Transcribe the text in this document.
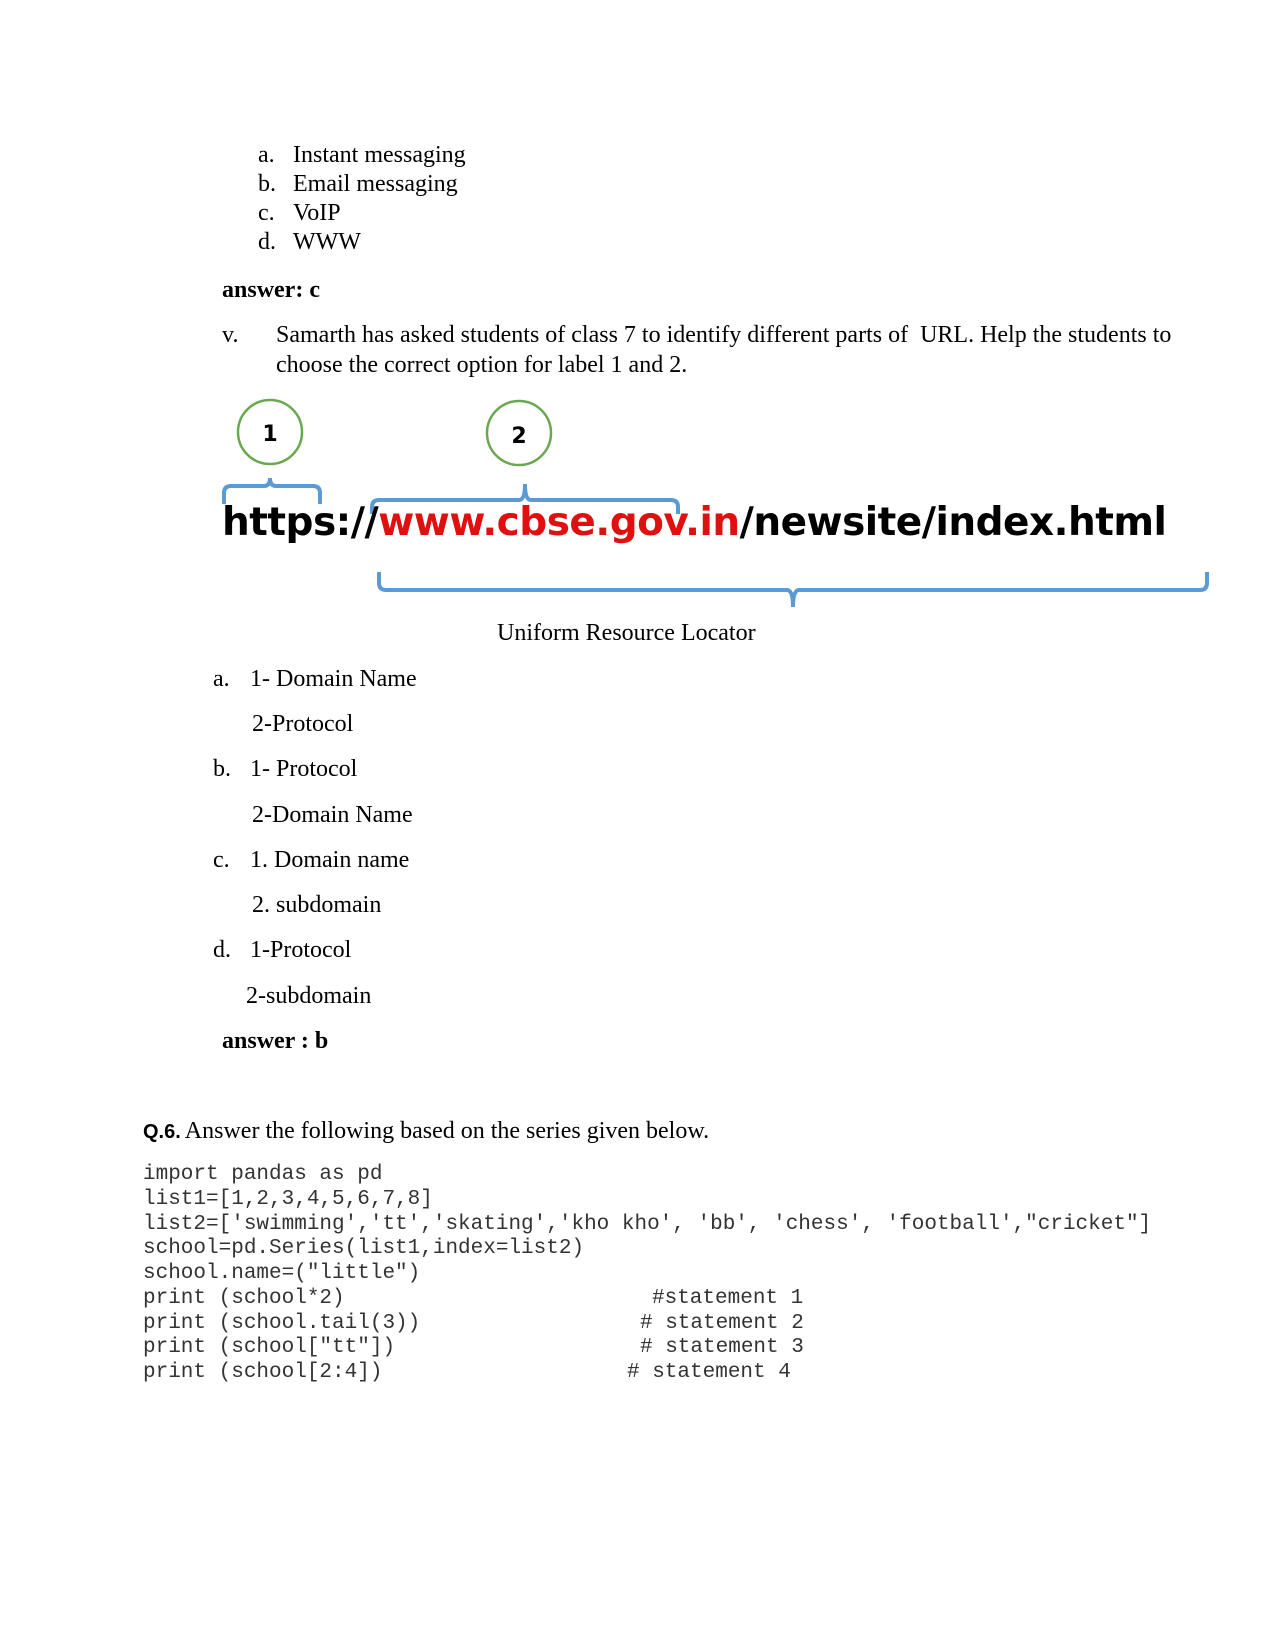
a. Instant messaging
b. Email messaging
c. VoIP
d. WWW
answer: c
v. Samarth has asked students of class 7 to identify different parts of  URL. Help the students to
choose the correct option for label 1 and 2.
1	2
https://www.cbse.gov.in/newsite/index.html
Uniform Resource Locator
a. 1- Domain Name
2-Protocol
b. 1- Protocol
2-Domain Name
c. 1. Domain name
2. subdomain
d. 1-Protocol
2-subdomain
answer : b
Q.6. Answer the following based on the series given below.
import pandas as pd
list1=[1,2,3,4,5,6,7,8]
list2=['swimming','tt','skating','kho kho', 'bb', 'chess', 'football',"cricket"]
school=pd.Series(list1,index=list2)
school.name=("little")
print (school*2)	#statement 1
print (school.tail(3))	# statement 2
print (school["tt"])	# statement 3
print (school[2:4])	# statement 4
